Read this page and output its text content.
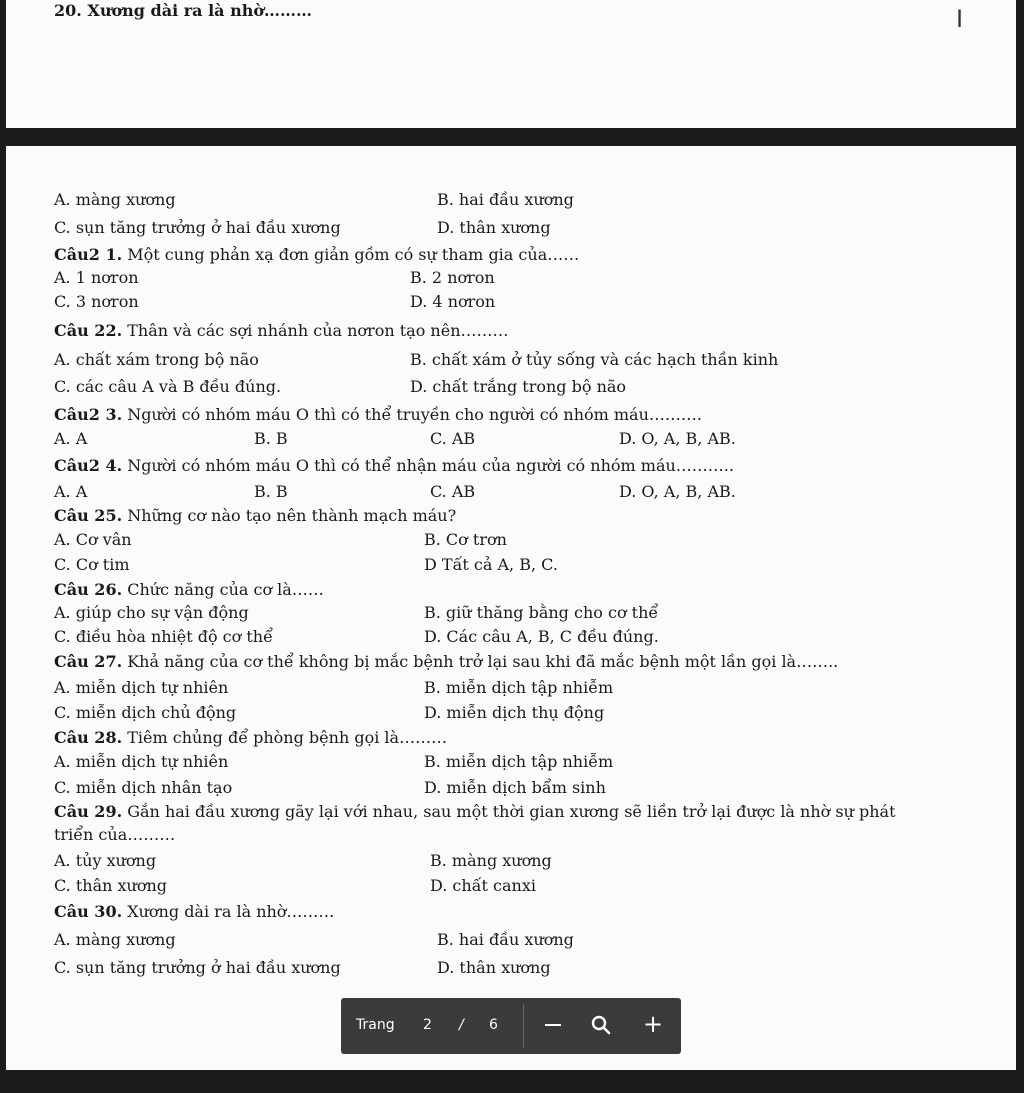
20. Xương dài ra là nhờ………	I
A. màng xương	B. hai đầu xương
C. sụn tăng trưởng ở hai đầu xương	D. thân xương
Câu2 1. Một cung phản xạ đơn giản gồm có sự tham gia của……
A. 1 nơron	B. 2 nơron
C. 3 nơron	D. 4 nơron
Câu 22. Thân và các sợi nhánh của nơron tạo nên………
A. chất xám trong bộ não	B. chất xám ở tủy sống và các hạch thần kinh
C. các câu A và B đều đúng.	D. chất trắng trong bộ não
Câu2 3. Người có nhóm máu O thì có thể truyền cho người có nhóm máu……….
A. A	B. B	C. AB	D. O, A, B, AB.
Câu2 4. Người có nhóm máu O thì có thể nhận máu của người có nhóm máu………..
A. A	B. B	C. AB	D. O, A, B, AB.
Câu 25. Những cơ nào tạo nên thành mạch máu?
A. Cơ vân	B. Cơ trơn
C. Cơ tim	D Tất cả A, B, C.
Câu 26. Chức năng của cơ là……
A. giúp cho sự vận động	B. giữ thăng bằng cho cơ thể
C. điều hòa nhiệt độ cơ thể	D. Các câu A, B, C đều đúng.
Câu 27. Khả năng của cơ thể không bị mắc bệnh trở lại sau khi đã mắc bệnh một lần gọi là……..
A. miễn dịch tự nhiên	B. miễn dịch tập nhiễm
C. miễn dịch chủ động	D. miễn dịch thụ động
Câu 28. Tiêm chủng để phòng bệnh gọi là………
A. miễn dịch tự nhiên	B. miễn dịch tập nhiễm
C. miễn dịch nhân tạo	D. miễn dịch bẩm sinh
Câu 29. Gắn hai đầu xương gãy lại với nhau, sau một thời gian xương sẽ liền trở lại được là nhờ sự phát
triển của………
A. tủy xương	B. màng xương
C. thân xương	D. chất canxi
Câu 30. Xương dài ra là nhờ………
A. màng xương	B. hai đầu xương
C. sụn tăng trưởng ở hai đầu xương	D. thân xương
Trang 2 / 6	+
